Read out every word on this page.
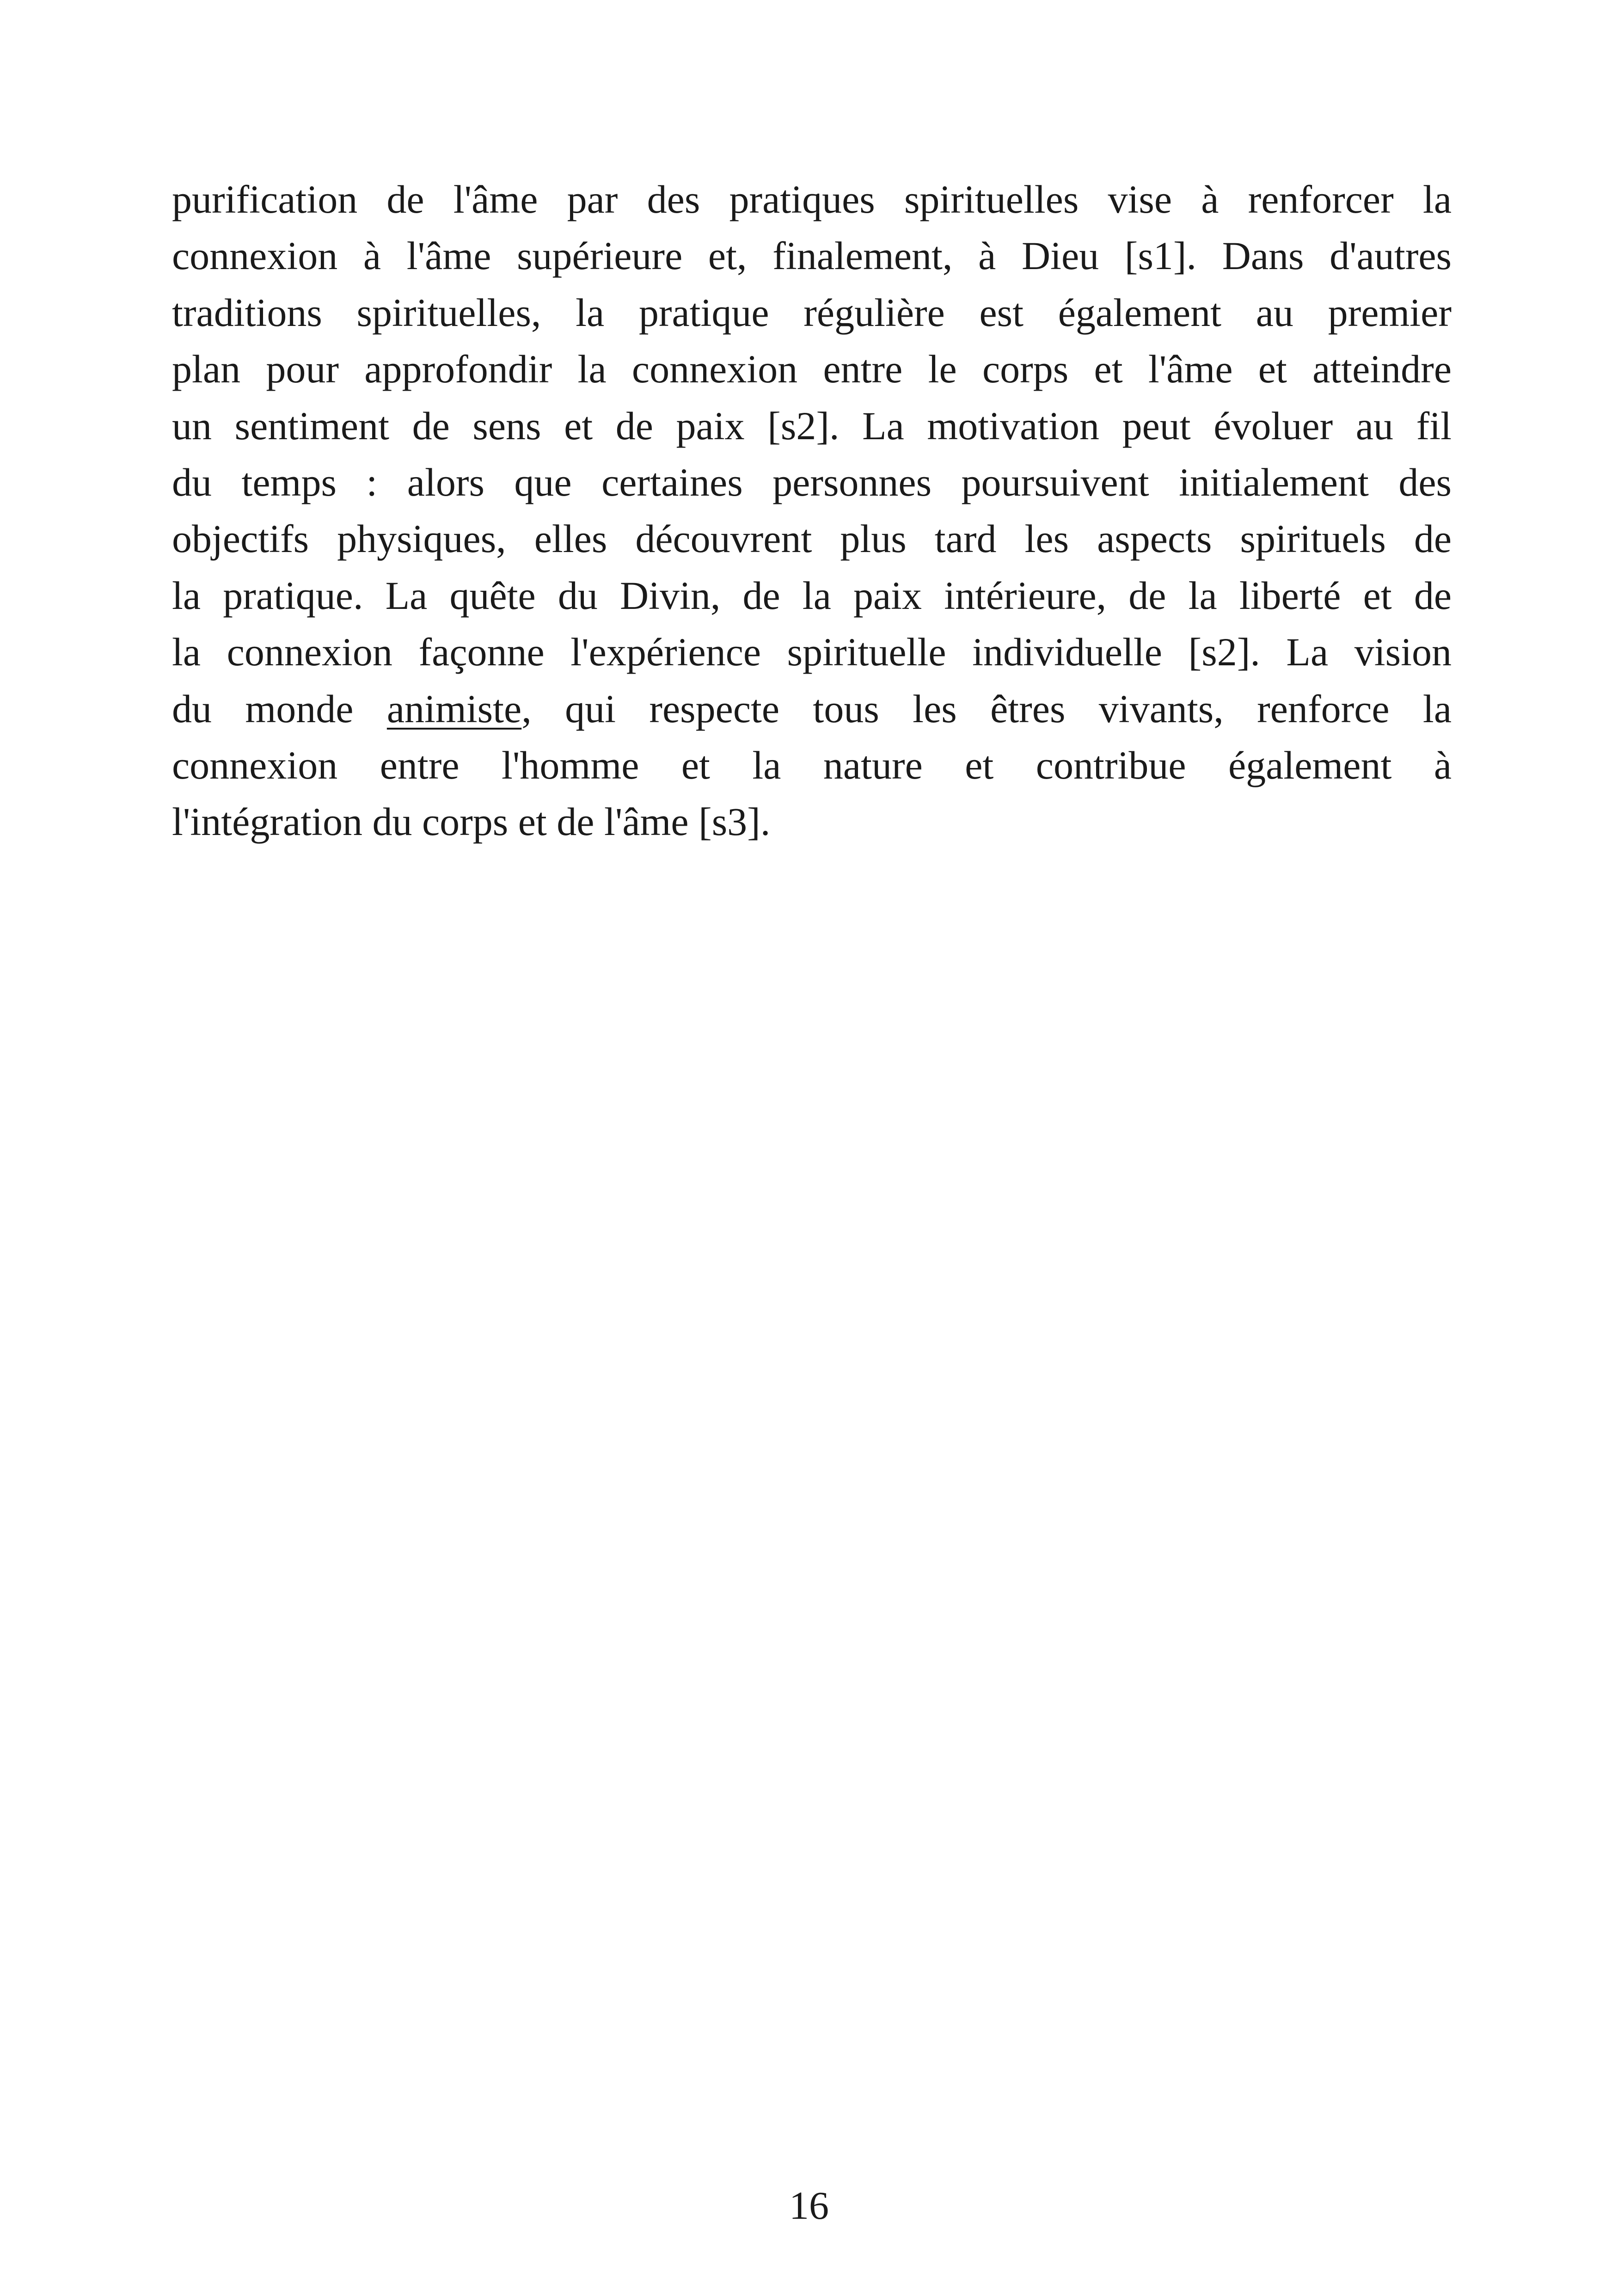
purification de l'âme par des pratiques spirituelles vise à renforcer la
connexion à l'âme supérieure et, finalement, à Dieu [s1]. Dans d'autres
traditions spirituelles, la pratique régulière est également au premier
plan pour approfondir la connexion entre le corps et l'âme et atteindre
un sentiment de sens et de paix [s2]. La motivation peut évoluer au fil
du temps : alors que certaines personnes poursuivent initialement des
objectifs physiques, elles découvrent plus tard les aspects spirituels de
la pratique. La quête du Divin, de la paix intérieure, de la liberté et de
la connexion façonne l'expérience spirituelle individuelle [s2]. La vision
du monde animiste, qui respecte tous les êtres vivants, renforce la
connexion entre l'homme et la nature et contribue également à
l'intégration du corps et de l'âme [s3].
16
